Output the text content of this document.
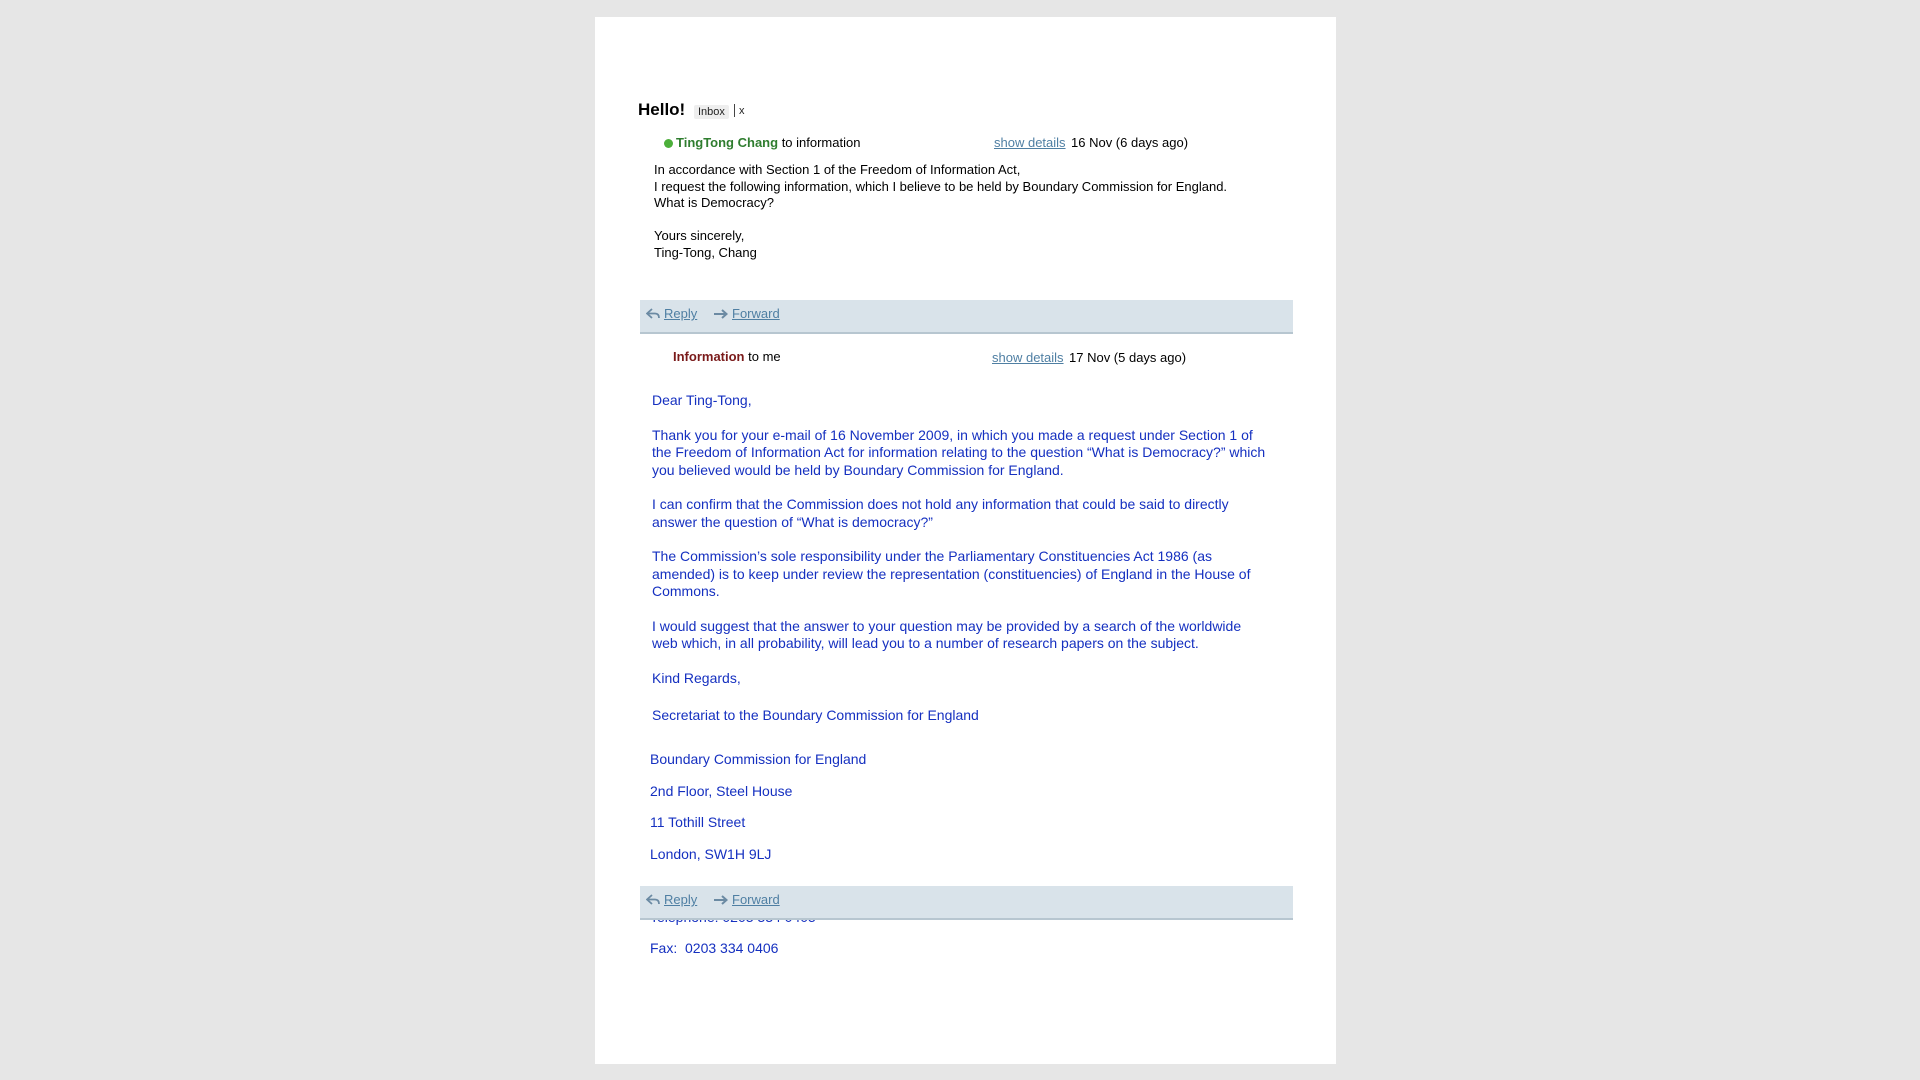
Hello!	Inbox	x
TingTong Chang to information	show details 16 Nov (6 days ago)

In accordance with Section 1 of the Freedom of Information Act,

I request the following information, which I believe to be held by Boundary Commission for England.

What is Democracy?

Yours sincerely,

Ting-Tong, Chang

Reply	Forward
Information to me	show details 17 Nov (5 days ago)

Dear Ting-Tong,

Thank you for your e-mail of 16 November 2009, in which you made a request under Section 1 of

the Freedom of Information Act for information relating to the question “What is Democracy?” which

you believed would be held by Boundary Commission for England.

I can confirm that the Commission does not hold any information that could be said to directly

answer the question of “What is democracy?”

The Commission’s sole responsibility under the Parliamentary Constituencies Act 1986 (as

amended) is to keep under review the representation (constituencies) of England in the House of

Commons.

I would suggest that the answer to your question may be provided by a search of the worldwide

web which, in all probability, will lead you to a number of research papers on the subject.

Kind Regards,

Secretariat to the Boundary Commission for England

Boundary Commission for England

2nd Floor, Steel House

11 Tothill Street

London, SW1H 9LJ

Fax:  0203 334 0406

Reply	Forward
